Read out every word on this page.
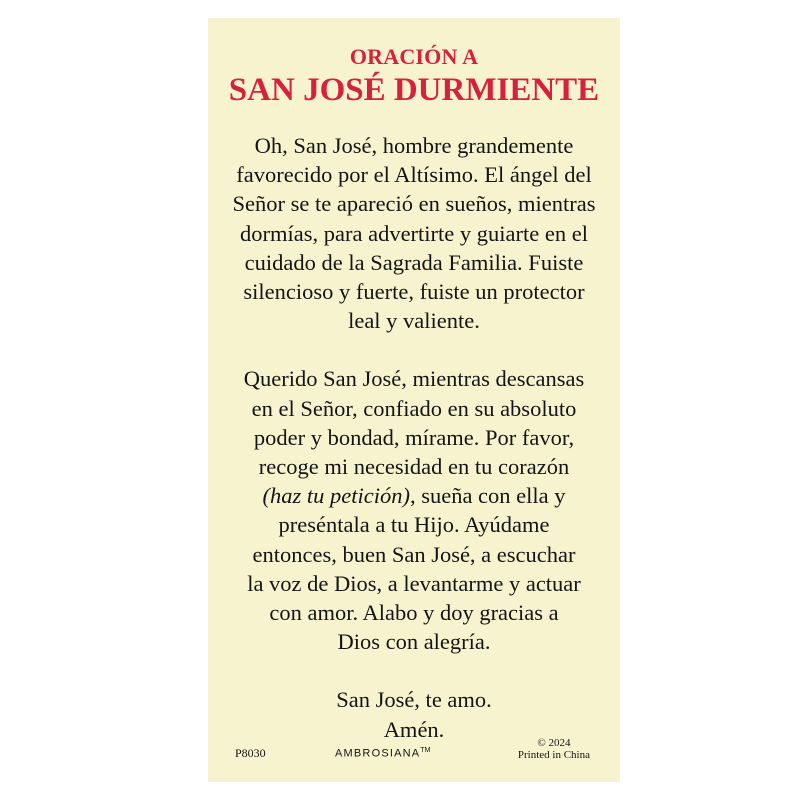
ORACIÓN A
SAN JOSÉ DURMIENTE

Oh, San José, hombre grandemente
favorecido por el Altísimo. El ángel del
Señor se te apareció en sueños, mientras
dormías, para advertirte y guiarte en el
cuidado de la Sagrada Familia. Fuiste
silencioso y fuerte, fuiste un protector
leal y valiente.

Querido San José, mientras descansas
en el Señor, confiado en su absoluto
poder y bondad, mírame. Por favor,
recoge mi necesidad en tu corazón
(haz tu petición), sueña con ella y
preséntala a tu Hijo. Ayúdame
entonces, buen San José, a escuchar
la voz de Dios, a levantarme y actuar
con amor. Alabo y doy gracias a
Dios con alegría.

San José, te amo.
Amén.

P8030	AMBROSIANA™
© 2024
Printed in China
